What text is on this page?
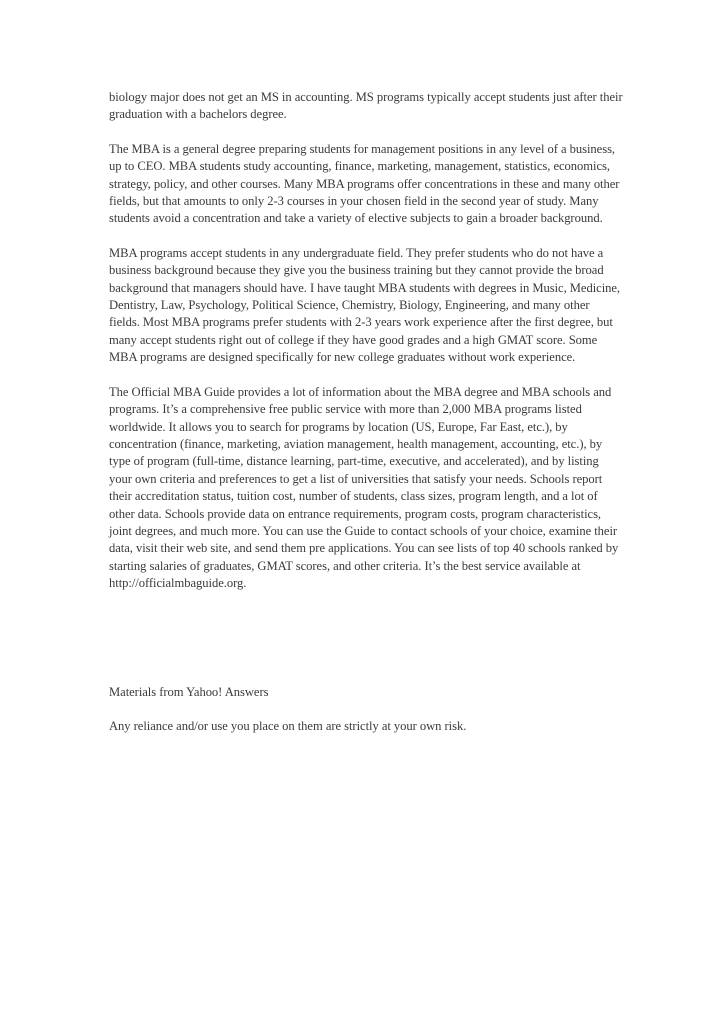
biology major does not get an MS in accounting. MS programs typically accept students just after their graduation with a bachelors degree.

The MBA is a general degree preparing students for management positions in any level of a business, up to CEO. MBA students study accounting, finance, marketing, management, statistics, economics, strategy, policy, and other courses. Many MBA programs offer concentrations in these and many other fields, but that amounts to only 2-3 courses in your chosen field in the second year of study. Many students avoid a concentration and take a variety of elective subjects to gain a broader background.

MBA programs accept students in any undergraduate field. They prefer students who do not have a business background because they give you the business training but they cannot provide the broad background that managers should have. I have taught MBA students with degrees in Music, Medicine, Dentistry, Law, Psychology, Political Science, Chemistry, Biology, Engineering, and many other fields. Most MBA programs prefer students with 2-3 years work experience after the first degree, but many accept students right out of college if they have good grades and a high GMAT score. Some MBA programs are designed specifically for new college graduates without work experience.

The Official MBA Guide provides a lot of information about the MBA degree and MBA schools and programs. It’s a comprehensive free public service with more than 2,000 MBA programs listed worldwide. It allows you to search for programs by location (US, Europe, Far East, etc.), by concentration (finance, marketing, aviation management, health management, accounting, etc.), by type of program (full-time, distance learning, part-time, executive, and accelerated), and by listing your own criteria and preferences to get a list of universities that satisfy your needs. Schools report their accreditation status, tuition cost, number of students, class sizes, program length, and a lot of other data. Schools provide data on entrance requirements, program costs, program characteristics, joint degrees, and much more. You can use the Guide to contact schools of your choice, examine their data, visit their web site, and send them pre applications. You can see lists of top 40 schools ranked by starting salaries of graduates, GMAT scores, and other criteria. It’s the best service available at http://officialmbaguide.org.

Materials from Yahoo! Answers

Any reliance and/or use you place on them are strictly at your own risk.
